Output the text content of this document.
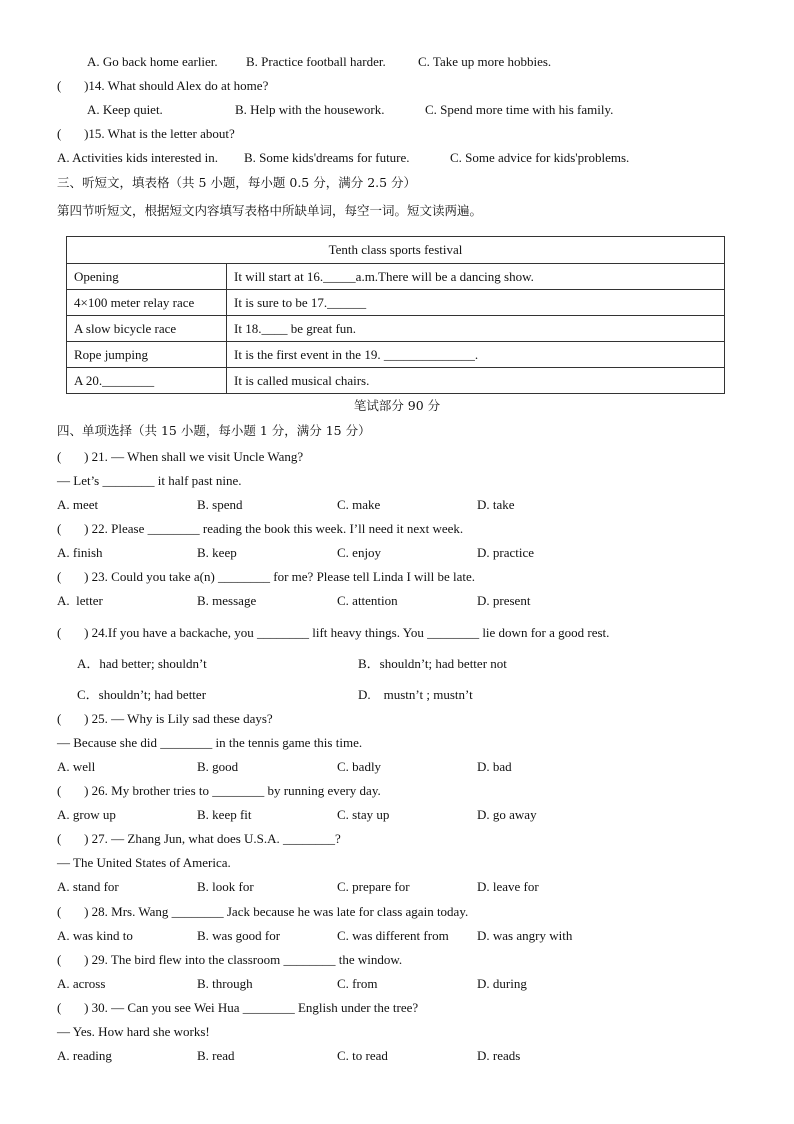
A. Go back home earlier. B. Practice football harder. C. Take up more hobbies.
(       )14. What should Alex do at home?
A. Keep quiet.	B. Help with the housework.	C. Spend more time with his family.
(       )15. What is the letter about?
A. Activities kids interested in. B. Some kids'dreams for future.	C. Some advice for kids'problems.
三、听短文，填表格（共 5 小题，每小题 0.5 分，满分 2.5 分）
第四节听短文，根据短文内容填写表格中所缺单词，每空一词。短文读两遍。
Tenth class sports festival	
Opening	It will start at 16._____a.m.There will be a dancing show.
4×100 meter relay race	It is sure to be 17.______
A slow bicycle race	It 18.____ be great fun.
Rope jumping	It is the first event in the 19. ______________.
A 20.________	It is called musical chairs.
笔试部分 90 分
四、单项选择（共 15 小题，每小题 1 分，满分 15 分）
(       ) 21. — When shall we visit Uncle Wang?
— Let’s ________ it half past nine.
A. meet	B. spend	C. make	D. take
(       ) 22. Please ________ reading the book this week. I’ll need it next week.
A. finish	B. keep	C. enjoy	D. practice
(       ) 23. Could you take a(n) ________ for me? Please tell Linda I will be late.
A.  letter	B. message	C. attention	D. present
(       ) 24.If you have a backache, you ________ lift heavy things. You ________ lie down for a good rest.
A．had better; shouldn’t	B．shouldn’t; had better not
C．shouldn’t; had better	D.    mustn’t ; mustn’t
(       ) 25. — Why is Lily sad these days?
— Because she did ________ in the tennis game this time.
A. well	B. good	C. badly	D. bad
(       ) 26. My brother tries to ________ by running every day.
A. grow up	B. keep fit	C. stay up	D. go away
(       ) 27. — Zhang Jun, what does U.S.A. ________?
— The United States of America.
A. stand for	B. look for	C. prepare for	D. leave for
(       ) 28. Mrs. Wang ________ Jack because he was late for class again today.
A. was kind to	B. was good for	C. was different from D. was angry with
(       ) 29. The bird flew into the classroom ________ the window.
A. across	B. through	C. from	D. during
(       ) 30. — Can you see Wei Hua ________ English under the tree?
— Yes. How hard she works!
A. reading	B. read	C. to read	D. reads
